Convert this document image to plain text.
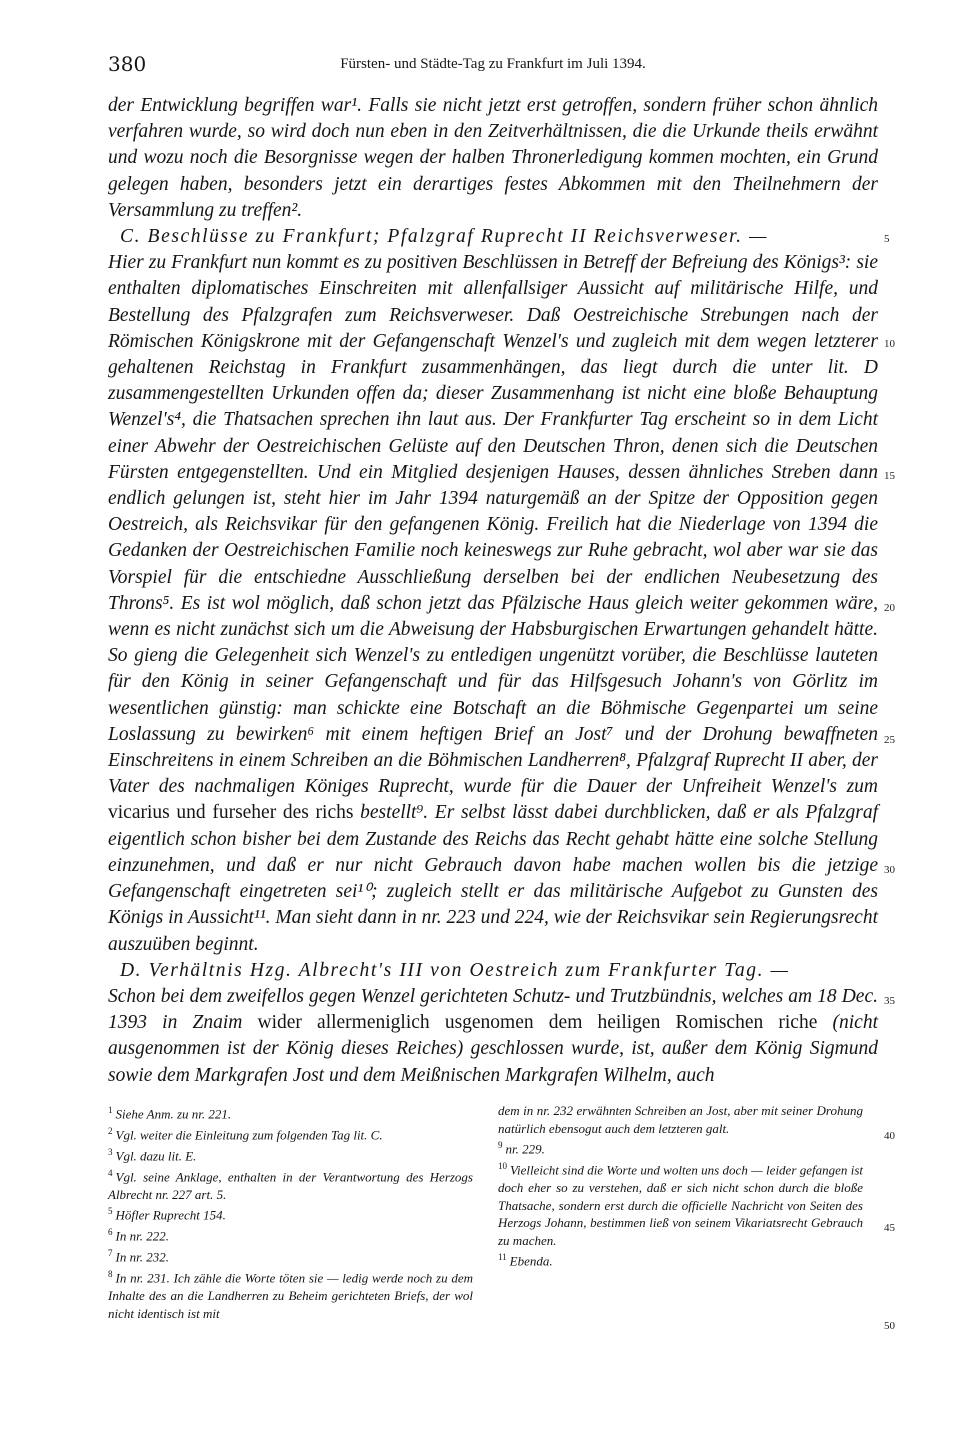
380	Fürsten- und Städte-Tag zu Frankfurt im Juli 1394.

der Entwicklung begriffen war¹. Falls sie nicht jetzt erst getroffen, sondern früher schon ähnlich verfahren wurde, so wird doch nun eben in den Zeitverhältnissen, die die Urkunde theils erwähnt und wozu noch die Besorgnisse wegen der halben Thronerledigung kommen mochten, ein Grund gelegen haben, besonders jetzt ein derartiges festes Abkommen mit den Theilnehmern der Versammlung zu treffen².

C. Beschlüsse zu Frankfurt; Pfalzgraf Ruprecht II Reichsverweser. —

Hier zu Frankfurt nun kommt es zu positiven Beschlüssen in Betreff der Befreiung des Königs³: sie enthalten diplomatisches Einschreiten mit allenfallsiger Aussicht auf militärische Hilfe, und Bestellung des Pfalzgrafen zum Reichsverweser. Daß Oestreichische Strebungen nach der Römischen Königskrone mit der Gefangenschaft Wenzel's und zugleich mit dem wegen letzterer gehaltenen Reichstag in Frankfurt zusammenhängen, das liegt durch die unter lit. D zusammengestellten Urkunden offen da; dieser Zusammenhang ist nicht eine bloße Behauptung Wenzel's⁴, die Thatsachen sprechen ihn laut aus. Der Frankfurter Tag erscheint so in dem Licht einer Abwehr der Oestreichischen Gelüste auf den Deutschen Thron, denen sich die Deutschen Fürsten entgegenstellten. Und ein Mitglied desjenigen Hauses, dessen ähnliches Streben dann endlich gelungen ist, steht hier im Jahr 1394 naturgemäß an der Spitze der Opposition gegen Oestreich, als Reichsvikar für den gefangenen König. Freilich hat die Niederlage von 1394 die Gedanken der Oestreichischen Familie noch keineswegs zur Ruhe gebracht, wol aber war sie das Vorspiel für die entschiedne Ausschließung derselben bei der endlichen Neubesetzung des Throns⁵. Es ist wol möglich, daß schon jetzt das Pfälzische Haus gleich weiter gekommen wäre, wenn es nicht zunächst sich um die Abweisung der Habsburgischen Erwartungen gehandelt hätte. So gieng die Gelegenheit sich Wenzel's zu entledigen ungenützt vorüber, die Beschlüsse lauteten für den König in seiner Gefangenschaft und für das Hilfsgesuch Johann's von Görlitz im wesentlichen günstig: man schickte eine Botschaft an die Böhmische Gegenpartei um seine Loslassung zu bewirken⁶ mit einem heftigen Brief an Jost⁷ und der Drohung bewaffneten Einschreitens in einem Schreiben an die Böhmischen Landherren⁸, Pfalzgraf Ruprecht II aber, der Vater des nachmaligen Königes Ruprecht, wurde für die Dauer der Unfreiheit Wenzel's zum vicarius und furseher des richs bestellt⁹. Er selbst lässt dabei durchblicken, daß er als Pfalzgraf eigentlich schon bisher bei dem Zustande des Reichs das Recht gehabt hätte eine solche Stellung einzunehmen, und daß er nur nicht Gebrauch davon habe machen wollen bis die jetzige Gefangenschaft eingetreten sei¹⁰; zugleich stellt er das militärische Aufgebot zu Gunsten des Königs in Aussicht¹¹. Man sieht dann in nr. 223 und 224, wie der Reichsvikar sein Regierungsrecht auszuüben beginnt.

D. Verhältnis Hzg. Albrecht's III von Oestreich zum Frankfurter Tag. —

Schon bei dem zweifellos gegen Wenzel gerichteten Schutz- und Trutzbündnis, welches am 18 Dec. 1393 in Znaim wider allermeniglich usgenomen dem heiligen Romischen riche (nicht ausgenommen ist der König dieses Reiches) geschlossen wurde, ist, außer dem König Sigmund sowie dem Markgrafen Jost und dem Meißnischen Markgrafen Wilhelm, auch

5
10
15
20
25
30
35
40
45
50

$^1$ Siehe Anm. zu nr. 221.

$^2$ Vgl. weiter die Einleitung zum folgenden Tag lit. C.

$^3$ Vgl. dazu lit. E.

$^4$ Vgl. seine Anklage, enthalten in der Verantwortung des Herzogs Albrecht nr. 227 art. 5.

$^5$ Höfler Ruprecht 154.

$^6$ In nr. 222.

$^7$ In nr. 232.

$^8$ In nr. 231. Ich zähle die Worte töten sie — ledig werde noch zu dem Inhalte des an die Landherren zu Beheim gerichteten Briefs, der wol nicht identisch ist mit

dem in nr. 232 erwähnten Schreiben an Jost, aber mit seiner Drohung natürlich ebensogut auch dem letzteren galt.

$^9$ nr. 229.

$^{10}$ Vielleicht sind die Worte und wolten uns doch — leider gefangen ist doch eher so zu verstehen, daß er sich nicht schon durch die bloße Thatsache, sondern erst durch die officielle Nachricht von Seiten des Herzogs Johann, bestimmen ließ von seinem Vikariatsrecht Gebrauch zu machen.

$^{11}$ Ebenda.
